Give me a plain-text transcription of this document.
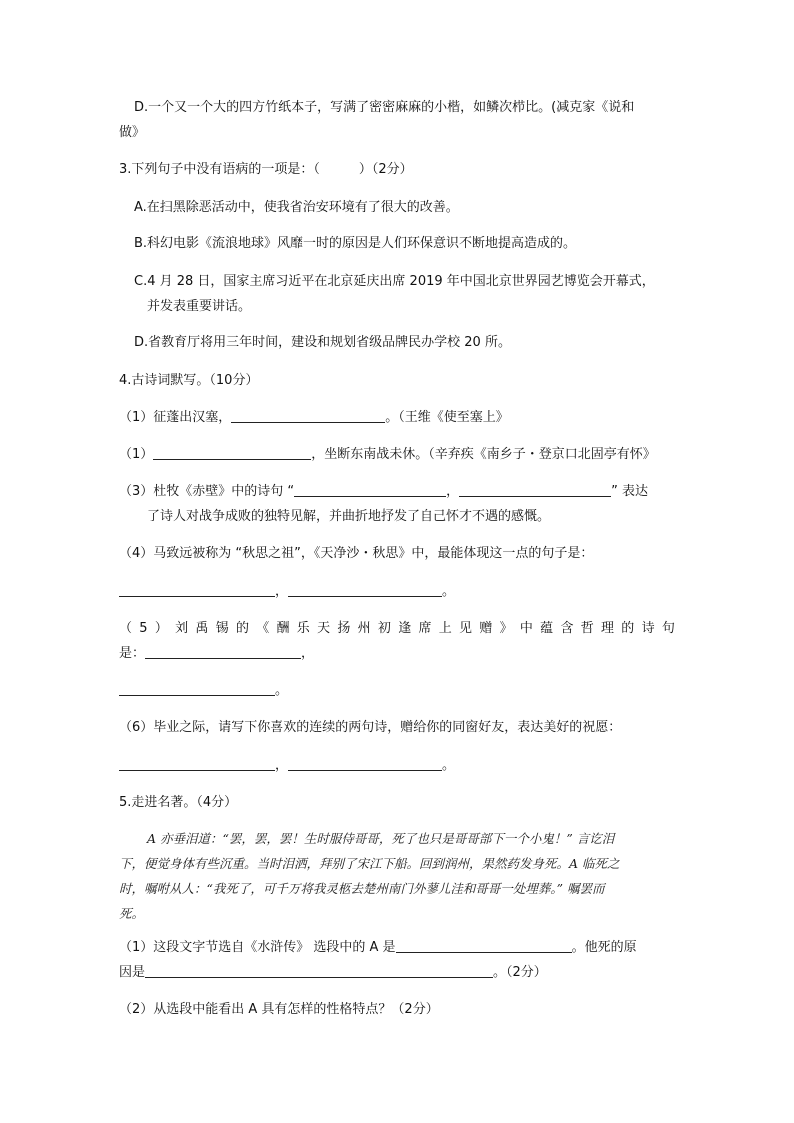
D.一个又一个大的四方竹纸本子，写满了密密麻麻的小楷，如鳞次栉比。(减克家《说和
做》
3.下列句子中没有语病的一项是：（　　　）（2分）
A.在扫黑除恶活动中，使我省治安环境有了很大的改善。
B.科幻电影《流浪地球》风靡一时的原因是人们环保意识不断地提高造成的。
C.4 月 28 日，国家主席习近平在北京延庆出席 2019 年中国北京世界园艺博览会开幕式，
并发表重要讲话。
D.省教育厅将用三年时间，建设和规划省级品牌民办学校 20 所。
4.古诗词默写。（10分）
（1）征蓬出汉塞，	。（王维《使至塞上》
（1）	，坐断东南战未休。（辛弃疾《南乡子・登京口北固亭有怀》
（3）杜牧《赤壁》中的诗句 “	，	” 表达
了诗人对战争成败的独特见解，并曲折地抒发了自己怀才不遇的感慨。
（4）马致远被称为 “秋思之祖”，《天净沙・秋思》中，最能体现这一点的句子是：
，	。
（ 5 ） 刘 禹 锡 的 《 酬 乐 天 扬 州 初 逢 席 上 见 赠 》 中 蕴 含 哲 理 的 诗 句
是：	，
。
（6）毕业之际，请写下你喜欢的连续的两句诗，赠给你的同窗好友，表达美好的祝愿：
，	。
5.走进名著。（4分）
A 亦垂泪道：“罢，罢，罢！生时服侍哥哥，死了也只是哥哥部下一个小鬼！” 言讫泪
下，便觉身体有些沉重。当时泪洒，拜别了宋江下船。回到润州，果然药发身死。A 临死之
时，嘱咐从人：“我死了，可千万将我灵柩去楚州南门外蓼儿洼和哥哥一处埋葬。” 嘱罢而
死。
（1）这段文字节选自《水浒传》 选段中的 A 是	。他死的原
因是	。（2分）
（2）从选段中能看出 A 具有怎样的性格特点？（2分）
